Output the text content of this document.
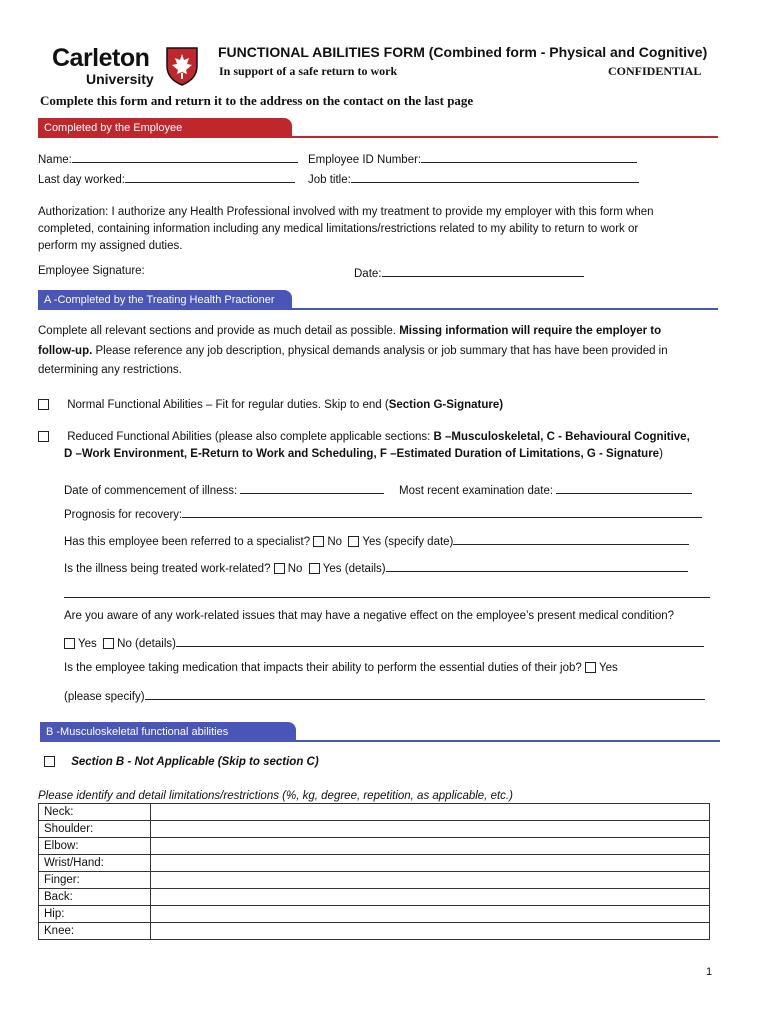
Carleton
University
FUNCTIONAL ABILITIES FORM (Combined form - Physical and Cognitive)
In support of a safe return to work	CONFIDENTIAL
Complete this form and return it to the address on the contact on the last page
Completed by the Employee
Name:	Employee ID Number:
Last day worked:	Job title:
Authorization: I authorize any Health Professional involved with my treatment to provide my employer with this form when
completed, containing information including any medical limitations/restrictions related to my ability to return to work or
perform my assigned duties.
Employee Signature:	Date:
A -Completed by the Treating Health Practioner
Complete all relevant sections and provide as much detail as possible. Missing information will require the employer to
follow-up. Please reference any job description, physical demands analysis or job summary that has have been provided in
determining any restrictions.
Normal Functional Abilities – Fit for regular duties. Skip to end (Section G-Signature)
Reduced Functional Abilities (please also complete applicable sections: B –Musculoskeletal, C - Behavioural Cognitive,
D –Work Environment, E-Return to Work and Scheduling, F –Estimated Duration of Limitations, G - Signature)
Date of commencement of illness:	Most recent examination date:
Prognosis for recovery:
Has this employee been referred to a specialist? No Yes (specify date)
Is the illness being treated work-related? No Yes (details)
Are you aware of any work-related issues that may have a negative effect on the employee’s present medical condition?
Yes No (details)
Is the employee taking medication that impacts their ability to perform the essential duties of their job? Yes
(please specify)
B -Musculoskeletal functional abilities
Section B - Not Applicable (Skip to section C)
Please identify and detail limitations/restrictions (%, kg, degree, repetition, as applicable, etc.)
Neck:	
Shoulder:	
Elbow:	
Wrist/Hand:	
Finger:	
Back:	
Hip:	
Knee:	
1
